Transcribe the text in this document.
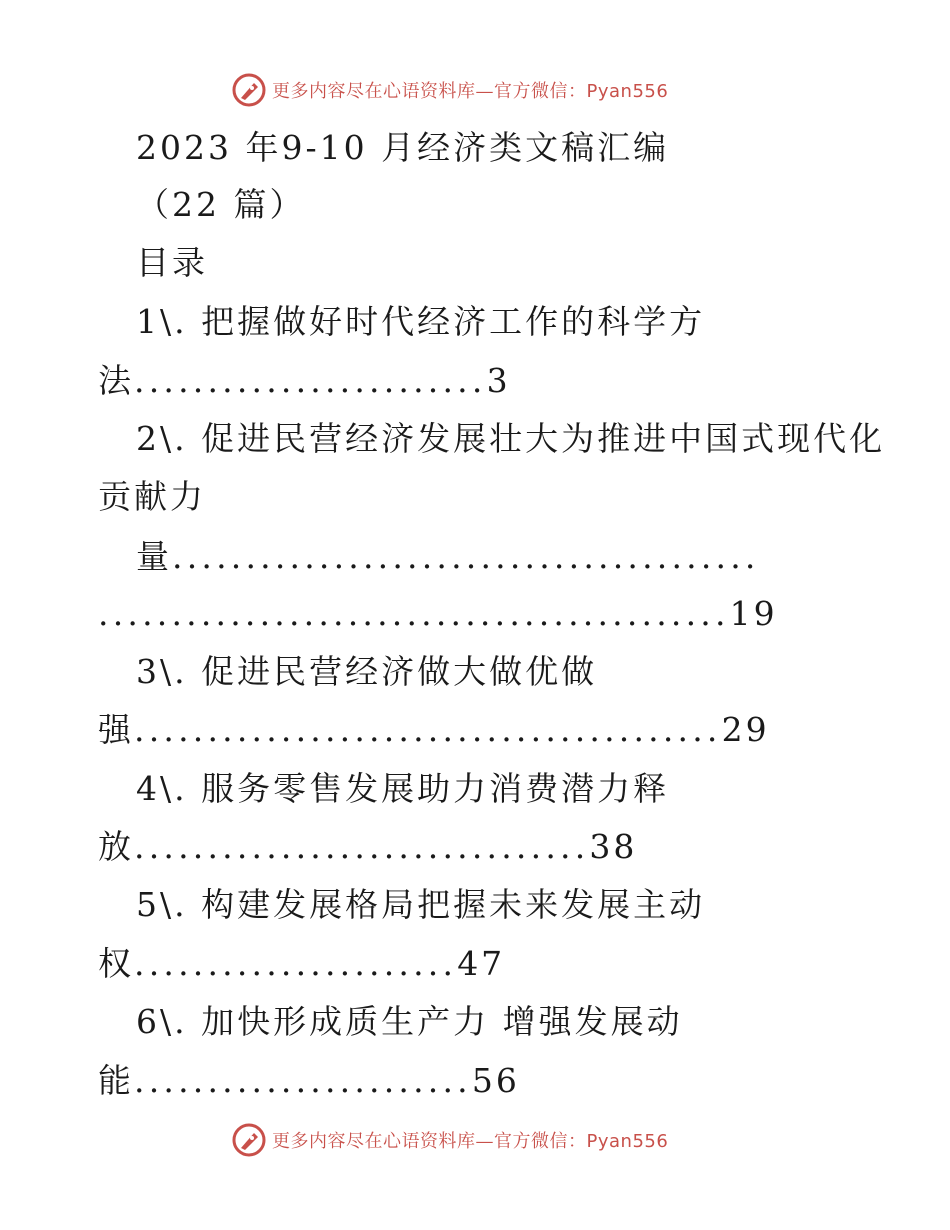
更多内容尽在心语资料库—官方微信：Pyan556
2023 年9-10 月经济类文稿汇编
（22 篇）
目录
1\. 把握做好时代经济工作的科学方
法........................3
2\. 促进民营经济发展壮大为推进中国式现代化
贡献力
量........................................
...........................................19
3\. 促进民营经济做大做优做
强........................................29
4\. 服务零售发展助力消费潜力释
放...............................38
5\. 构建发展格局把握未来发展主动
权......................47
6\. 加快形成质生产力 增强发展动
能.......................56
更多内容尽在心语资料库—官方微信：Pyan556
